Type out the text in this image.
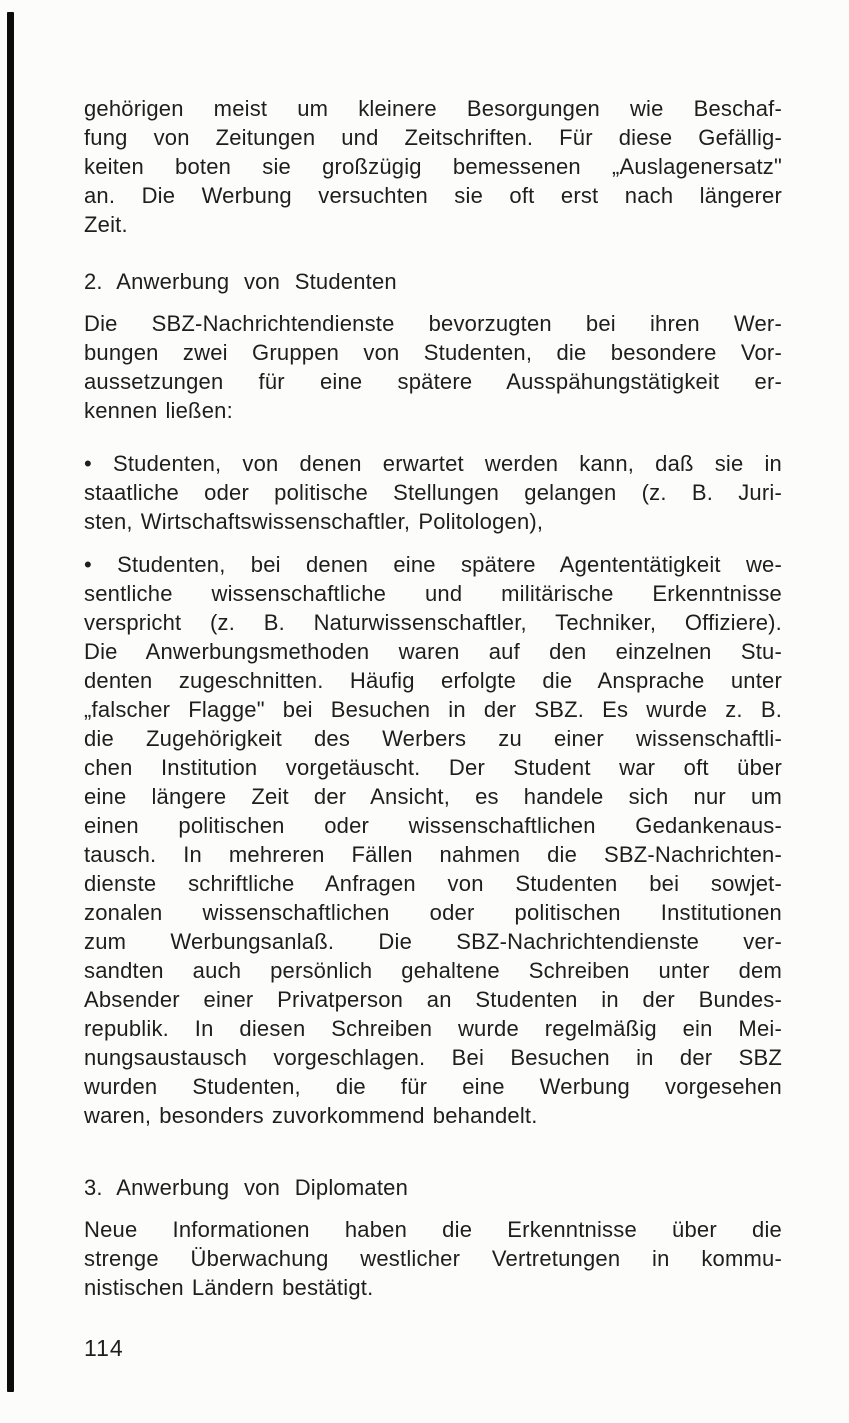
gehörigen meist um kleinere Besorgungen wie Beschaf-
fung von Zeitungen und Zeitschriften. Für diese Gefällig-
keiten boten sie großzügig bemessenen „Auslagenersatz"
an. Die Werbung versuchten sie oft erst nach längerer
Zeit.

2. Anwerbung von Studenten

Die SBZ-Nachrichtendienste bevorzugten bei ihren Wer-
bungen zwei Gruppen von Studenten, die besondere Vor-
aussetzungen für eine spätere Ausspähungstätigkeit er-
kennen ließen:

• Studenten, von denen erwartet werden kann, daß sie in
staatliche oder politische Stellungen gelangen (z. B. Juri-
sten, Wirtschaftswissenschaftler, Politologen),

• Studenten, bei denen eine spätere Agententätigkeit we-
sentliche wissenschaftliche und militärische Erkenntnisse
verspricht (z. B. Naturwissenschaftler, Techniker, Offiziere).
Die Anwerbungsmethoden waren auf den einzelnen Stu-
denten zugeschnitten. Häufig erfolgte die Ansprache unter
„falscher Flagge" bei Besuchen in der SBZ. Es wurde z. B.
die Zugehörigkeit des Werbers zu einer wissenschaftli-
chen Institution vorgetäuscht. Der Student war oft über
eine längere Zeit der Ansicht, es handele sich nur um
einen politischen oder wissenschaftlichen Gedankenaus-
tausch. In mehreren Fällen nahmen die SBZ-Nachrichten-
dienste schriftliche Anfragen von Studenten bei sowjet-
zonalen wissenschaftlichen oder politischen Institutionen
zum Werbungsanlaß. Die SBZ-Nachrichtendienste ver-
sandten auch persönlich gehaltene Schreiben unter dem
Absender einer Privatperson an Studenten in der Bundes-
republik. In diesen Schreiben wurde regelmäßig ein Mei-
nungsaustausch vorgeschlagen. Bei Besuchen in der SBZ
wurden Studenten, die für eine Werbung vorgesehen
waren, besonders zuvorkommend behandelt.

3. Anwerbung von Diplomaten

Neue Informationen haben die Erkenntnisse über die
strenge Überwachung westlicher Vertretungen in kommu-
nistischen Ländern bestätigt.

114
